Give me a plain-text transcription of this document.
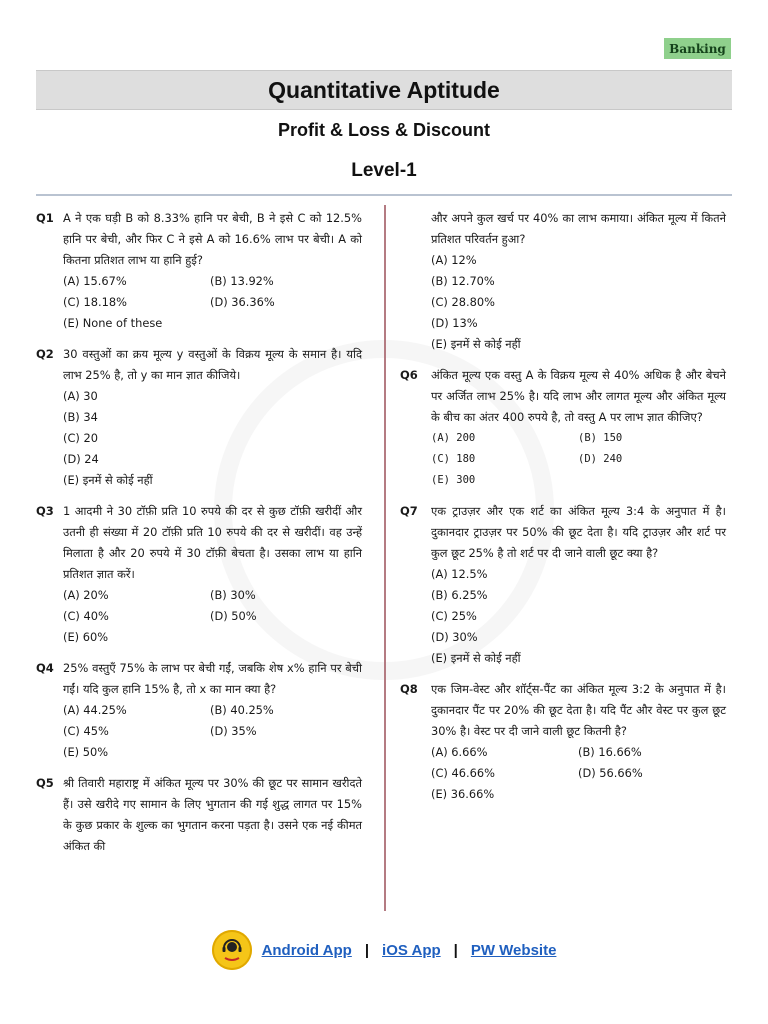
Banking
Quantitative Aptitude
Profit & Loss & Discount
Level-1
Q1 A ने एक घड़ी B को 8.33% हानि पर बेची, B ने इसे C को 12.5% हानि पर बेची, और फिर C ने इसे A को 16.6% लाभ पर बेची। A को कितना प्रतिशत लाभ या हानि हुई?
(A) 15.67%	(B) 13.92%
(C) 18.18%	(D) 36.36%
(E) None of these
Q2 30 वस्तुओं का क्रय मूल्य y वस्तुओं के विक्रय मूल्य के समान है। यदि लाभ 25% है, तो y का मान ज्ञात कीजिये।
(A) 30
(B) 34
(C) 20
(D) 24
(E) इनमें से कोई नहीं
Q3 1 आदमी ने 30 टॉफ़ी प्रति 10 रुपये की दर से कुछ टॉफ़ी खरीदीं और उतनी ही संख्या में 20 टॉफ़ी प्रति 10 रुपये की दर से खरीदीं। वह उन्हें मिलाता है और 20 रुपये में 30 टॉफ़ी बेचता है। उसका लाभ या हानि प्रतिशत ज्ञात करें।
(A) 20%	(B) 30%
(C) 40%	(D) 50%
(E) 60%
Q4 25% वस्तुएँ 75% के लाभ पर बेची गईं, जबकि शेष x% हानि पर बेची गईं। यदि कुल हानि 15% है, तो x का मान क्या है?
(A) 44.25%	(B) 40.25%
(C) 45%	(D) 35%
(E) 50%
Q5 श्री तिवारी महाराष्ट्र में अंकित मूल्य पर 30% की छूट पर सामान खरीदते हैं। उसे खरीदे गए सामान के लिए भुगतान की गई शुद्ध लागत पर 15% के कुछ प्रकार के शुल्क का भुगतान करना पड़ता है। उसने एक नई कीमत अंकित की
और अपने कुल खर्च पर 40% का लाभ कमाया। अंकित मूल्य में कितने प्रतिशत परिवर्तन हुआ?
(A) 12%
(B) 12.70%
(C) 28.80%
(D) 13%
(E) इनमें से कोई नहीं
Q6 अंकित मूल्य एक वस्तु A के विक्रय मूल्य से 40% अधिक है और बेचने पर अर्जित लाभ 25% है। यदि लाभ और लागत मूल्य और अंकित मूल्य के बीच का अंतर 400 रुपये है, तो वस्तु A पर लाभ ज्ञात कीजिए?
(A) 200	(B) 150
(C) 180	(D) 240
(E) 300
Q7 एक ट्राउज़र और एक शर्ट का अंकित मूल्य 3:4 के अनुपात में है। दुकानदार ट्राउज़र पर 50% की छूट देता है। यदि ट्राउज़र और शर्ट पर कुल छूट 25% है तो शर्ट पर दी जाने वाली छूट क्या है?
(A) 12.5%
(B) 6.25%
(C) 25%
(D) 30%
(E) इनमें से कोई नहीं
Q8 एक जिम-वेस्ट और शॉर्ट्स-पैंट का अंकित मूल्य 3:2 के अनुपात में है। दुकानदार पैंट पर 20% की छूट देता है। यदि पैंट और वेस्ट पर कुल छूट 30% है। वेस्ट पर दी जाने वाली छूट कितनी है?
(A) 6.66%	(B) 16.66%
(C) 46.66%	(D) 56.66%
(E) 36.66%
Android App | iOS App | PW Website
